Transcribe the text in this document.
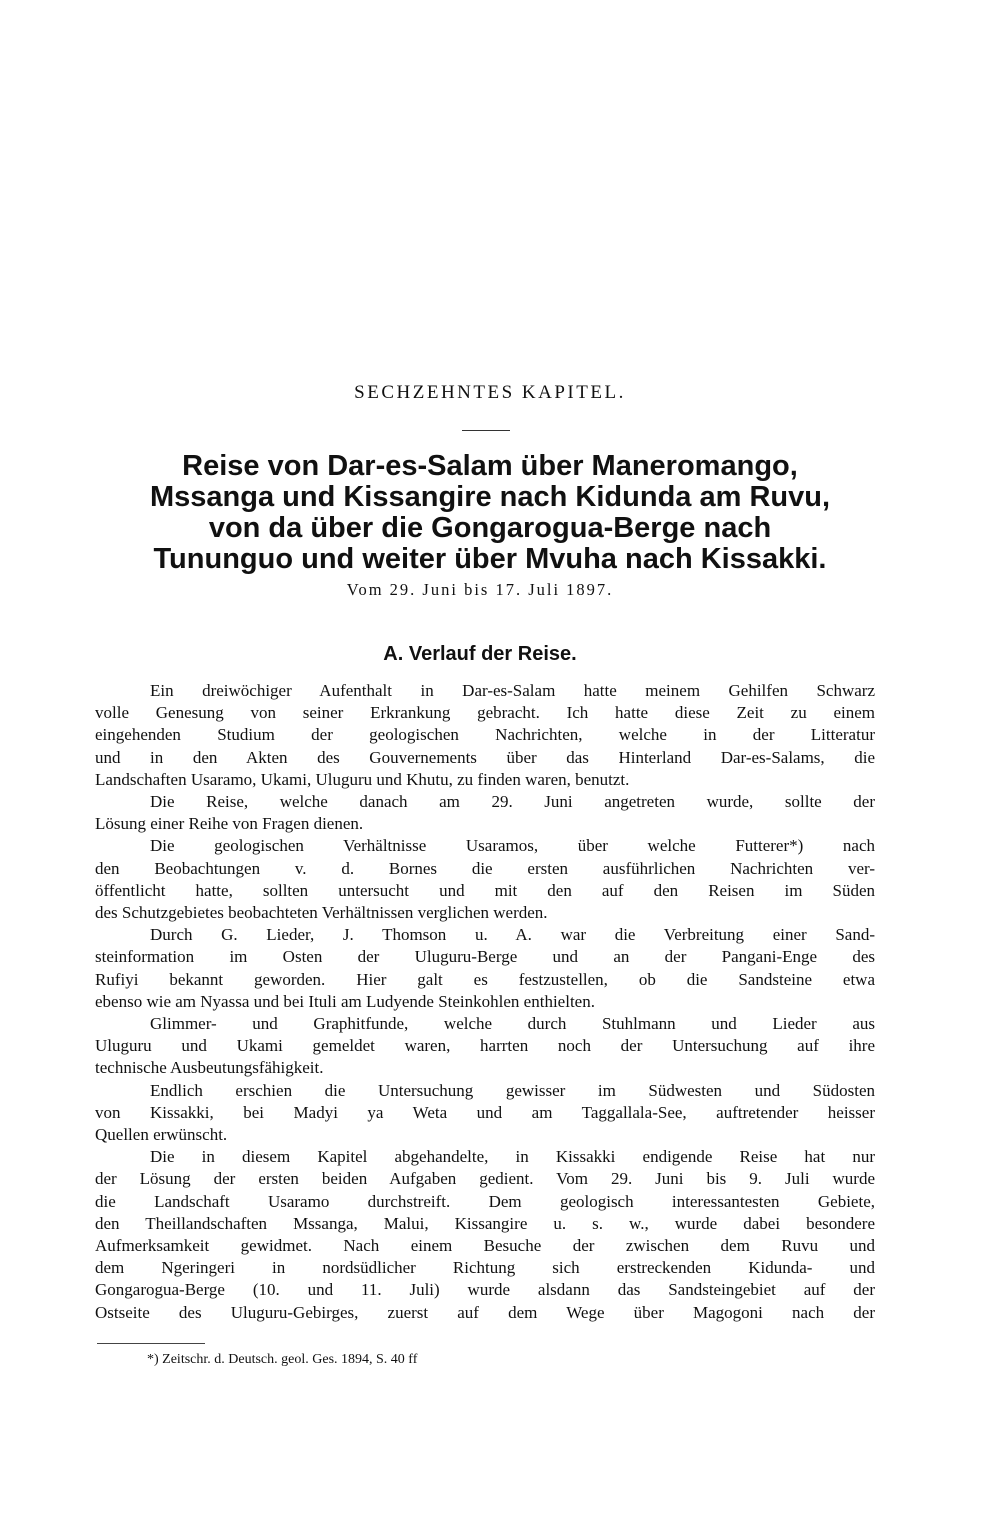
SECHZEHNTES KAPITEL.
Reise von Dar-es-Salam über Maneromango,
Mssanga und Kissangire nach Kidunda am Ruvu,
von da über die Gongarogua-Berge nach
Tununguo und weiter über Mvuha nach Kissakki.
Vom 29. Juni bis 17. Juli 1897.
A. Verlauf der Reise.
Ein dreiwöchiger Aufenthalt in Dar-es-Salam hatte meinem Gehilfen Schwarz
volle Genesung von seiner Erkrankung gebracht. Ich hatte diese Zeit zu einem
eingehenden Studium der geologischen Nachrichten, welche in der Litteratur
und in den Akten des Gouvernements über das Hinterland Dar-es-Salams, die
Landschaften Usaramo, Ukami, Uluguru und Khutu, zu finden waren, benutzt.
Die Reise, welche danach am 29. Juni angetreten wurde, sollte der
Lösung einer Reihe von Fragen dienen.
Die geologischen Verhältnisse Usaramos, über welche Futterer*) nach
den Beobachtungen v. d. Bornes die ersten ausführlichen Nachrichten ver-
öffentlicht hatte, sollten untersucht und mit den auf den Reisen im Süden
des Schutzgebietes beobachteten Verhältnissen verglichen werden.
Durch G. Lieder, J. Thomson u. A. war die Verbreitung einer Sand-
steinformation im Osten der Uluguru-Berge und an der Pangani-Enge des
Rufiyi bekannt geworden. Hier galt es festzustellen, ob die Sandsteine etwa
ebenso wie am Nyassa und bei Ituli am Ludyende Steinkohlen enthielten.
Glimmer- und Graphitfunde, welche durch Stuhlmann und Lieder aus
Uluguru und Ukami gemeldet waren, harrten noch der Untersuchung auf ihre
technische Ausbeutungsfähigkeit.
Endlich erschien die Untersuchung gewisser im Südwesten und Südosten
von Kissakki, bei Madyi ya Weta und am Taggallala-See, auftretender heisser
Quellen erwünscht.
Die in diesem Kapitel abgehandelte, in Kissakki endigende Reise hat nur
der Lösung der ersten beiden Aufgaben gedient. Vom 29. Juni bis 9. Juli wurde
die Landschaft Usaramo durchstreift. Dem geologisch interessantesten Gebiete,
den Theillandschaften Mssanga, Malui, Kissangire u. s. w., wurde dabei besondere
Aufmerksamkeit gewidmet. Nach einem Besuche der zwischen dem Ruvu und
dem Ngeringeri in nordsüdlicher Richtung sich erstreckenden Kidunda- und
Gongarogua-Berge (10. und 11. Juli) wurde alsdann das Sandsteingebiet auf der
Ostseite des Uluguru-Gebirges, zuerst auf dem Wege über Magogoni nach der
*) Zeitschr. d. Deutsch. geol. Ges. 1894, S. 40 ff
